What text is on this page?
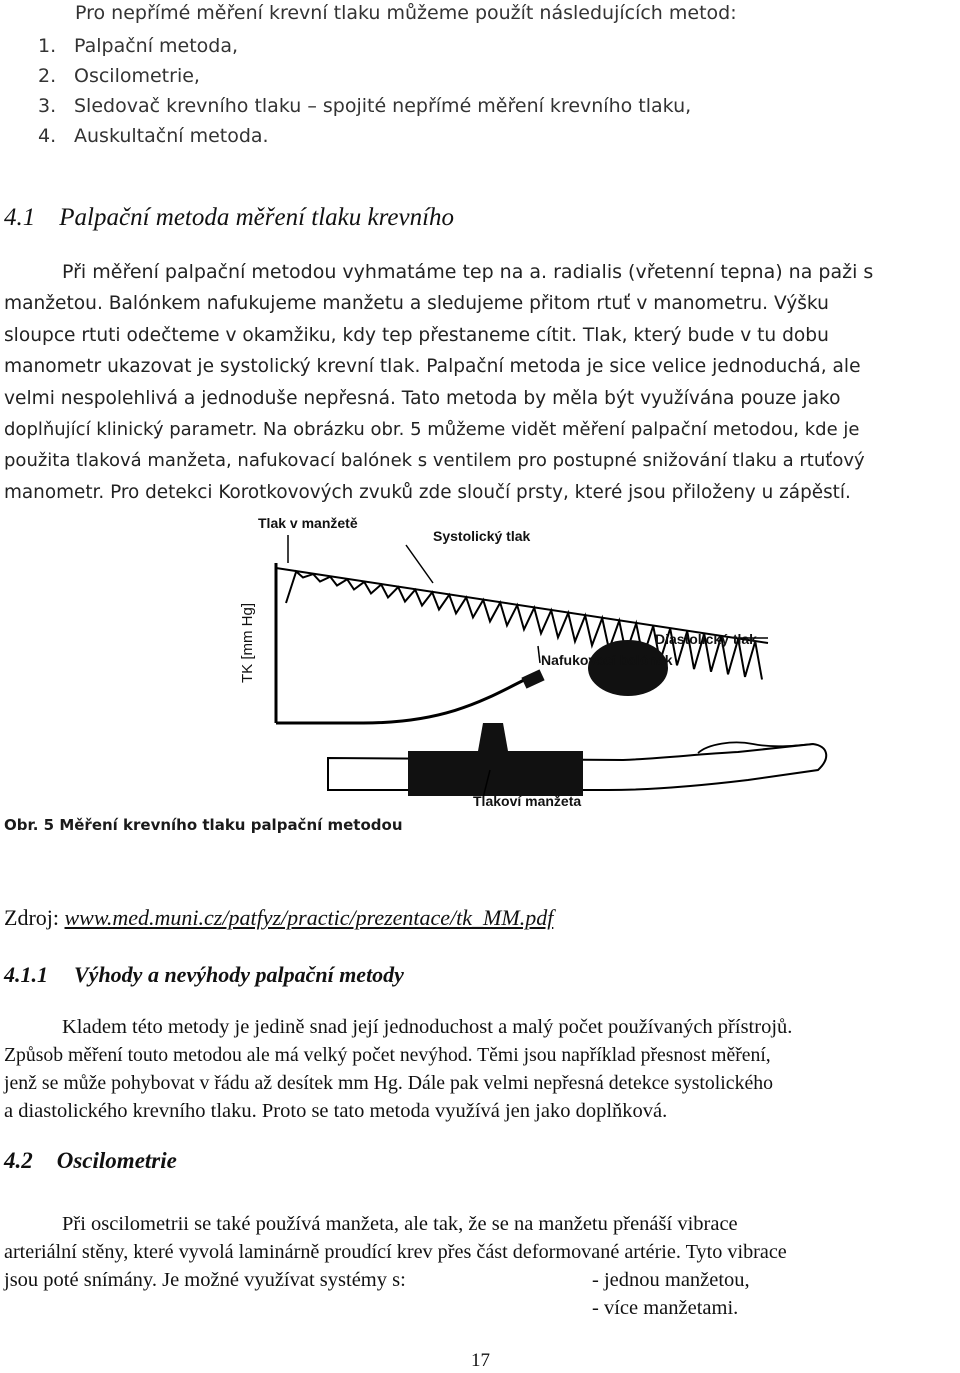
Pro nepřímé měření krevní tlaku můžeme použít následujících metod:
1. Palpační metoda,
2. Oscilometrie,
3. Sledovač krevního tlaku – spojité nepřímé měření krevního tlaku,
4. Auskultační metoda.
4.1 Palpační metoda měření tlaku krevního
Při měření palpační metodou vyhmatáme tep na a. radialis (vřetenní tepna) na paži s
manžetou. Balónkem nafukujeme manžetu a sledujeme přitom rtuť v manometru. Výšku
sloupce rtuti odečteme v okamžiku, kdy tep přestaneme cítit. Tlak, který bude v tu dobu
manometr ukazovat je systolický krevní tlak. Palpační metoda je sice velice jednoduchá, ale
velmi nespolehlivá a jednoduše nepřesná. Tato metoda by měla být využívána pouze jako
doplňující klinický parametr. Na obrázku obr. 5 můžeme vidět měření palpační metodou, kde je
použita tlaková manžeta, nafukovací balónek s ventilem pro postupné snižování tlaku a rtuťový
manometr. Pro detekci Korotkovových zvuků zde sloučí prsty, které jsou přiloženy u zápěstí.
TK [mm Hg]
Tlak v manžetě
Systolický tlak
Diastolický tlak
Nafukovací balónek
Tlakoví manžeta
Obr. 5 Měření krevního tlaku palpační metodou
Zdroj: www.med.muni.cz/patfyz/practic/prezentace/tk_MM.pdf
4.1.1 Výhody a nevýhody palpační metody
Kladem této metody je jedině snad její jednoduchost a malý počet používaných přístrojů.
Způsob měření touto metodou ale má velký počet nevýhod. Těmi jsou například přesnost měření,
jenž se může pohybovat v řádu až desítek mm Hg. Dále pak velmi nepřesná detekce systolického
a diastolického krevního tlaku. Proto se tato metoda využívá jen jako doplňková.
4.2 Oscilometrie
Při oscilometrii se také používá manžeta, ale tak, že se na manžetu přenáší vibrace
arteriální stěny, které vyvolá laminárně proudící krev přes část deformované artérie. Tyto vibrace
jsou poté snímány. Je možné využívat systémy s:	- jednou manžetou,
- více manžetami.
17
